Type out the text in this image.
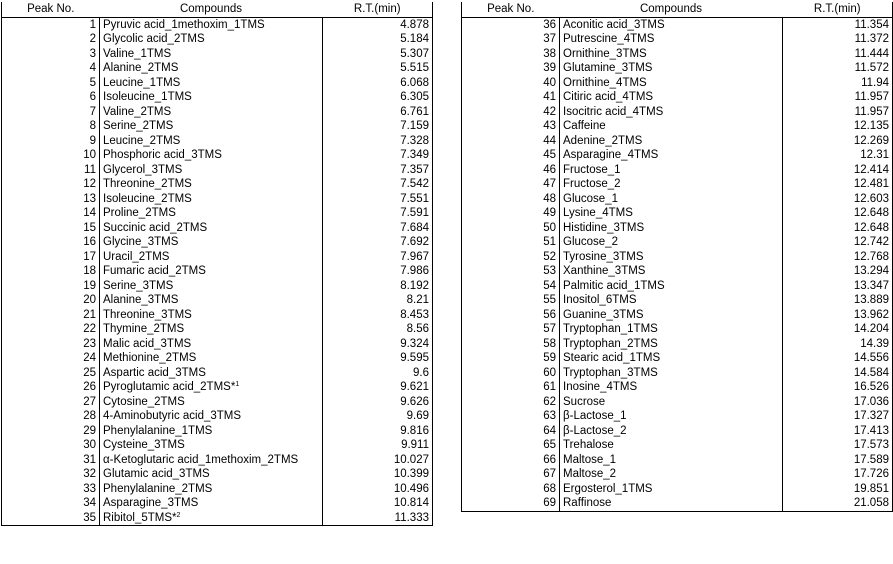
Peak No.	Compounds	R.T.(min)
1	Pyruvic acid_1methoxim_1TMS	4.878
2	Glycolic acid_2TMS	5.184
3	Valine_1TMS	5.307
4	Alanine_2TMS	5.515
5	Leucine_1TMS	6.068
6	Isoleucine_1TMS	6.305
7	Valine_2TMS	6.761
8	Serine_2TMS	7.159
9	Leucine_2TMS	7.328
10	Phosphoric acid_3TMS	7.349
11	Glycerol_3TMS	7.357
12	Threonine_2TMS	7.542
13	Isoleucine_2TMS	7.551
14	Proline_2TMS	7.591
15	Succinic acid_2TMS	7.684
16	Glycine_3TMS	7.692
17	Uracil_2TMS	7.967
18	Fumaric acid_2TMS	7.986
19	Serine_3TMS	8.192
20	Alanine_3TMS	8.21
21	Threonine_3TMS	8.453
22	Thymine_2TMS	8.56
23	Malic acid_3TMS	9.324
24	Methionine_2TMS	9.595
25	Aspartic acid_3TMS	9.6
26	Pyroglutamic acid_2TMS*$^1$	9.621
27	Cytosine_2TMS	9.626
28	4-Aminobutyric acid_3TMS	9.69
29	Phenylalanine_1TMS	9.816
30	Cysteine_3TMS	9.911
31	α-Ketoglutaric acid_1methoxim_2TMS	10.027
32	Glutamic acid_3TMS	10.399
33	Phenylalanine_2TMS	10.496
34	Asparagine_3TMS	10.814
35	Ribitol_5TMS*$^2$	11.333
Peak No.	Compounds	R.T.(min)
36	Aconitic acid_3TMS	11.354
37	Putrescine_4TMS	11.372
38	Ornithine_3TMS	11.444
39	Glutamine_3TMS	11.572
40	Ornithine_4TMS	11.94
41	Citiric acid_4TMS	11.957
42	Isocitric acid_4TMS	11.957
43	Caffeine	12.135
44	Adenine_2TMS	12.269
45	Asparagine_4TMS	12.31
46	Fructose_1	12.414
47	Fructose_2	12.481
48	Glucose_1	12.603
49	Lysine_4TMS	12.648
50	Histidine_3TMS	12.648
51	Glucose_2	12.742
52	Tyrosine_3TMS	12.768
53	Xanthine_3TMS	13.294
54	Palmitic acid_1TMS	13.347
55	Inositol_6TMS	13.889
56	Guanine_3TMS	13.962
57	Tryptophan_1TMS	14.204
58	Tryptophan_2TMS	14.39
59	Stearic acid_1TMS	14.556
60	Tryptophan_3TMS	14.584
61	Inosine_4TMS	16.526
62	Sucrose	17.036
63	β-Lactose_1	17.327
64	β-Lactose_2	17.413
65	Trehalose	17.573
66	Maltose_1	17.589
67	Maltose_2	17.726
68	Ergosterol_1TMS	19.851
69	Raffinose	21.058
